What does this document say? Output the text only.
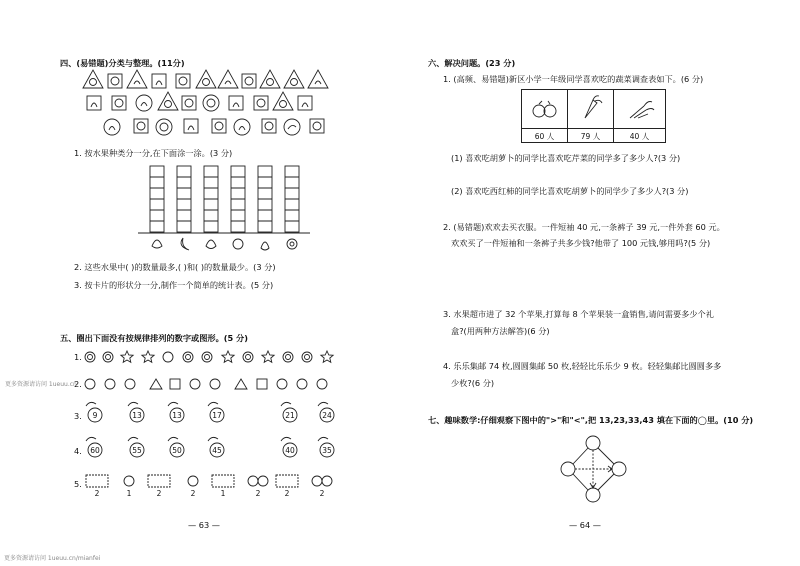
四、(易错题)分类与整理。(11分)
1. 按水果种类分一分,在下面涂一涂。(3 分)
2. 这些水果中( )的数量最多,( )和( )的数量最少。(3 分)
3. 按卡片的形状分一分,制作一个简单的统计表。(5 分)
五、圈出下面没有按规律排列的数字或图形。(5 分)
1.
2.
3.
4.
5.
9	13	13	17	21	24
60	55	50	45	40	35
2	1	2	2	1	2	2	2
— 63 —
更多资源请访问 1ueuu.cn
更多资源请访问 1ueuu.cn/mianfei
六、解决问题。(23 分)
1. (高频、易错题)新区小学一年级同学喜欢吃的蔬菜调查表如下。(6 分)
60 人	79 人	40 人
(1) 喜欢吃胡萝卜的同学比喜欢吃芹菜的同学多了多少人?(3 分)
(2) 喜欢吃西红柿的同学比喜欢吃胡萝卜的同学少了多少人?(3 分)
2. (易错题)欢欢去买衣服。一件短袖 40 元,一条裤子 39 元,一件外套 60 元。
欢欢买了一件短袖和一条裤子共多少钱?他带了 100 元钱,够用吗?(5 分)
3. 水果超市进了 32 个苹果,打算每 8 个苹果装一盒销售,请问需要多少个礼
盒?(用两种方法解答)(6 分)
4. 乐乐集邮 74 枚,圆圆集邮 50 枚,轻轻比乐乐少 9 枚。轻轻集邮比圆圆多多
少枚?(6 分)
七、趣味数学:仔细观察下图中的">"和"<",把 13,23,33,43 填在下面的◯里。(10 分)
— 64 —
